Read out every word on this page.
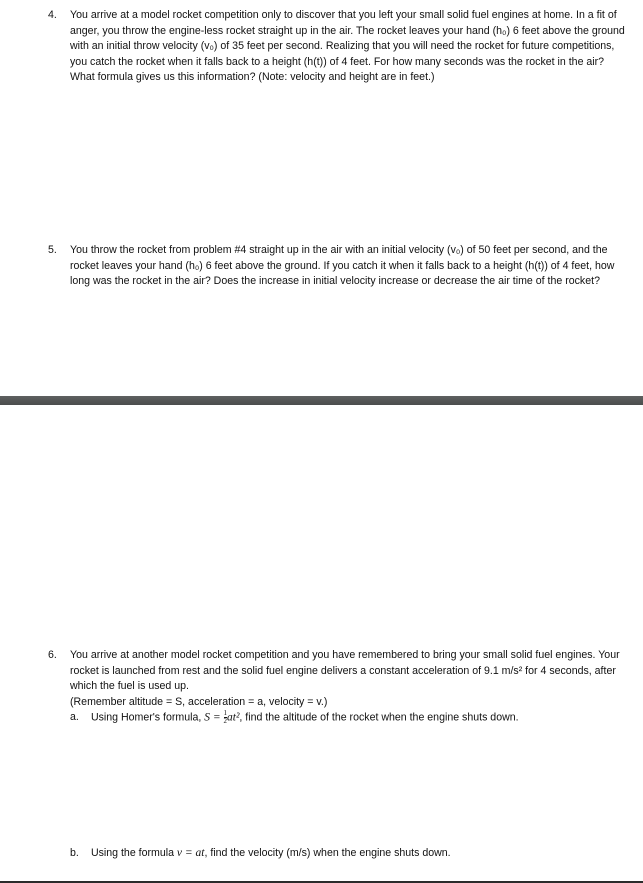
4.	You arrive at a model rocket competition only to discover that you left your small solid fuel engines at home. In a fit of anger, you throw the engine-less rocket straight up in the air. The rocket leaves your hand (h₀) 6 feet above the ground with an initial throw velocity (v₀) of 35 feet per second. Realizing that you will need the rocket for future competitions, you catch the rocket when it falls back to a height (h(t)) of 4 feet. For how many seconds was the rocket in the air? What formula gives us this information? (Note: velocity and height are in feet.)
5.	You throw the rocket from problem #4 straight up in the air with an initial velocity (v₀) of 50 feet per second, and the rocket leaves your hand (h₀) 6 feet above the ground. If you catch it when it falls back to a height (h(t)) of 4 feet, how long was the rocket in the air? Does the increase in initial velocity increase or decrease the air time of the rocket?
6.	You arrive at another model rocket competition and you have remembered to bring your small solid fuel engines. Your rocket is launched from rest and the solid fuel engine delivers a constant acceleration of 9.1 m/s² for 4 seconds, after which the fuel is used up.
(Remember altitude = S, acceleration = a, velocity = v.)
a. Using Homer's formula, $S = \frac{1}{2} at^2$, find the altitude of the rocket when the engine shuts down.
b. Using the formula v = at, find the velocity (m/s) when the engine shuts down.
